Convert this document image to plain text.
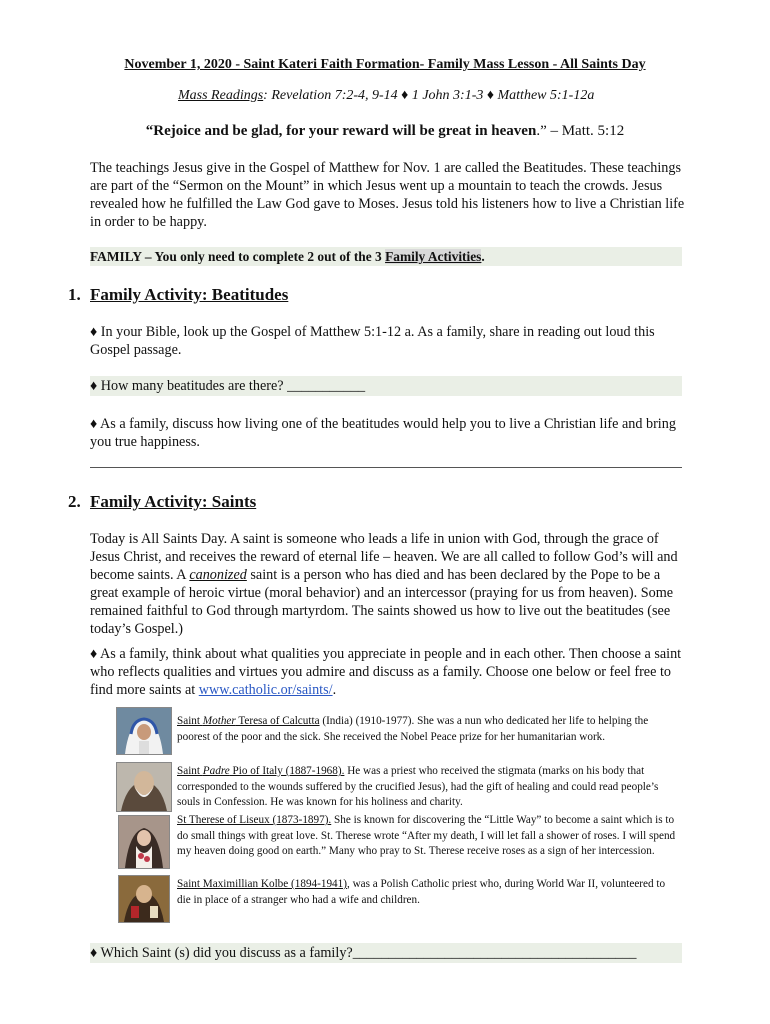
November 1, 2020 - Saint Kateri Faith Formation- Family Mass Lesson - All Saints Day
Mass Readings: Revelation 7:2-4, 9-14 ♦ 1 John 3:1-3 ♦ Matthew 5:1-12a
“Rejoice and be glad, for your reward will be great in heaven.” – Matt. 5:12
The teachings Jesus give in the Gospel of Matthew for Nov. 1 are called the Beatitudes. These teachings are part of the “Sermon on the Mount” in which Jesus went up a mountain to teach the crowds. Jesus revealed how he fulfilled the Law God gave to Moses. Jesus told his listeners how to live a Christian life in order to be happy.
FAMILY – You only need to complete 2 out of the 3 Family Activities.
1. Family Activity: Beatitudes
♦ In your Bible, look up the Gospel of Matthew 5:1-12 a. As a family, share in reading out loud this Gospel passage.
♦ How many beatitudes are there? ___________
♦ As a family, discuss how living one of the beatitudes would help you to live a Christian life and bring you true happiness.
2. Family Activity: Saints
Today is All Saints Day. A saint is someone who leads a life in union with God, through the grace of Jesus Christ, and receives the reward of eternal life – heaven. We are all called to follow God’s will and become saints. A canonized saint is a person who has died and has been declared by the Pope to be a great example of heroic virtue (moral behavior) and an intercessor (praying for us from heaven). Some remained faithful to God through martyrdom. The saints showed us how to live out the beatitudes (see today’s Gospel.)
♦ As a family, think about what qualities you appreciate in people and in each other. Then choose a saint who reflects qualities and virtues you admire and discuss as a family. Choose one below or feel free to find more saints at www.catholic.or/saints/.
Saint Mother Teresa of Calcutta (India) (1910-1977). She was a nun who dedicated her life to helping the poorest of the poor and the sick. She received the Nobel Peace prize for her humanitarian work.
Saint Padre Pio of Italy (1887-1968). He was a priest who received the stigmata (marks on his body that corresponded to the wounds suffered by the crucified Jesus), had the gift of healing and could read people’s souls in Confession. He was known for his holiness and charity.
St Therese of Liseux (1873-1897). She is known for discovering the “Little Way” to become a saint which is to do small things with great love. St. Therese wrote “After my death, I will let fall a shower of roses. I will spend my heaven doing good on earth.” Many who pray to St. Therese receive roses as a sign of her intercession.
Saint Maximillian Kolbe (1894-1941), was a Polish Catholic priest who, during World War II, volunteered to die in place of a stranger who had a wife and children.
♦ Which Saint (s) did you discuss as a family?________________________________________
